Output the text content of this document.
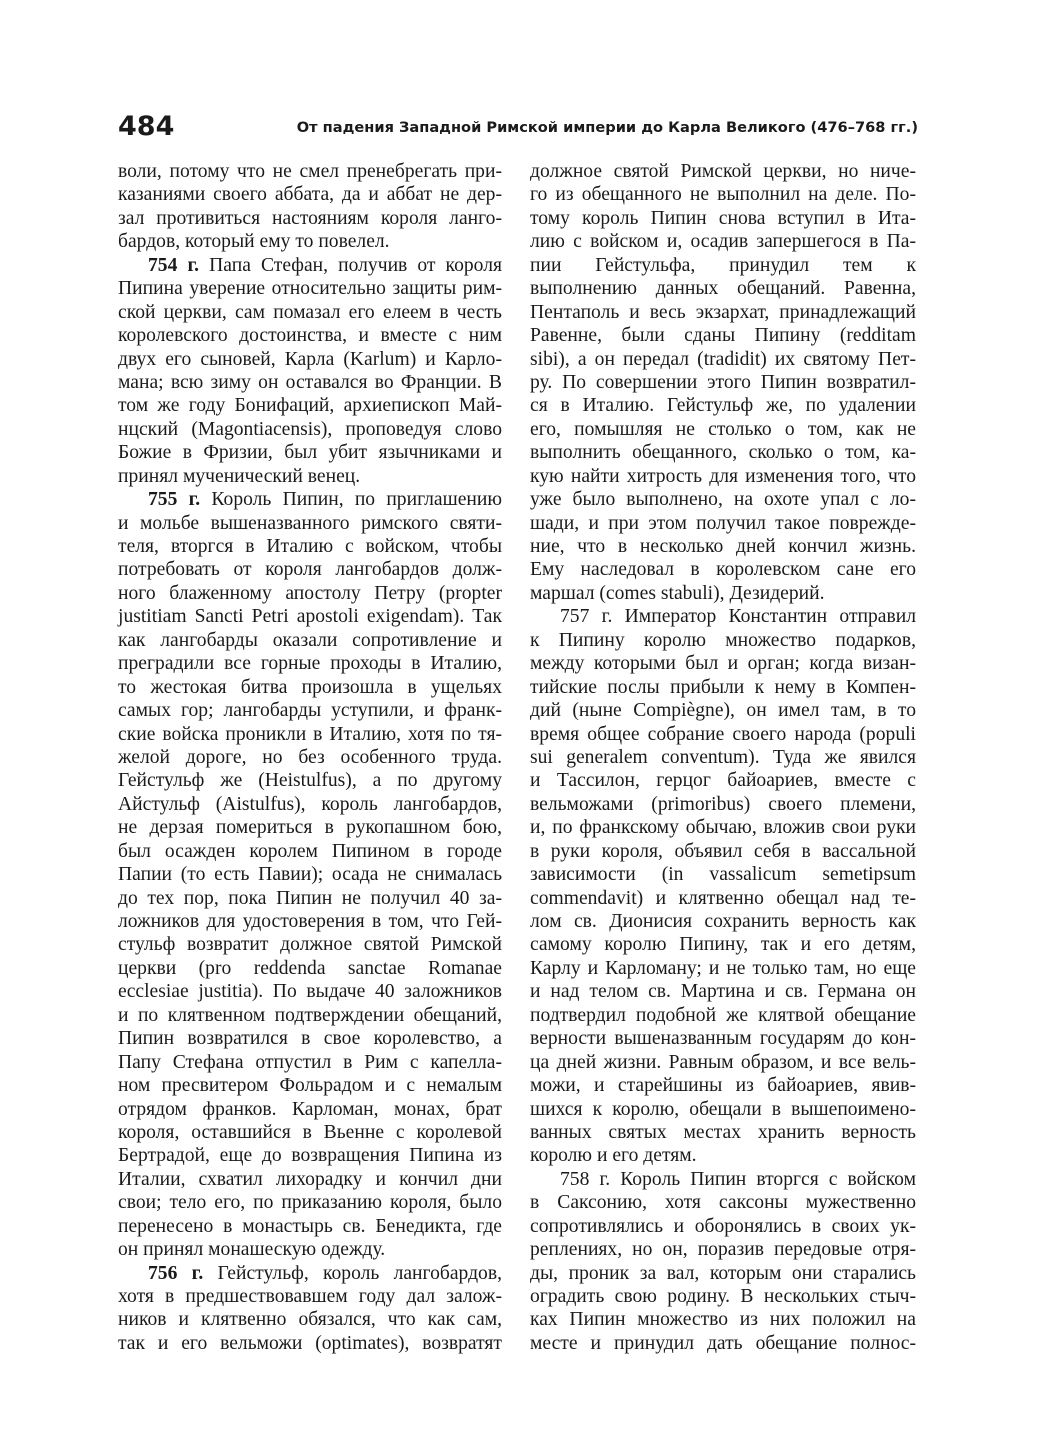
484	От падения Западной Римской империи до Карла Великого (476–768 гг.)
воли, потому что не смел пренебрегать при-
казаниями своего аббата, да и аббат не дер-
зал противиться настояниям короля ланго-
бардов, который ему то повелел.
754 г. Папа Стефан, получив от короля
Пипина уверение относительно защиты рим-
ской церкви, сам помазал его елеем в честь
королевского достоинства, и вместе с ним
двух его сыновей, Карла (Karlum) и Карло-
мана; всю зиму он оставался во Франции. В
том же году Бонифаций, архиепископ Май-
нцский (Magontiacensis), проповедуя слово
Божие в Фризии, был убит язычниками и
принял мученический венец.
755 г. Король Пипин, по приглашению
и мольбе вышеназванного римского святи-
теля, вторгся в Италию с войском, чтобы
потребовать от короля лангобардов долж-
ного блаженному апостолу Петру (propter
justitiam Sancti Petri apostoli exigendam). Так
как лангобарды оказали сопротивление и
преградили все горные проходы в Италию,
то жестокая битва произошла в ущельях
самых гор; лангобарды уступили, и франк-
ские войска проникли в Италию, хотя по тя-
желой дороге, но без особенного труда.
Гейстульф же (Heistulfus), а по другому
Айстульф (Aistulfus), король лангобардов,
не дерзая помериться в рукопашном бою,
был осажден королем Пипином в городе
Папии (то есть Павии); осада не снималась
до тех пор, пока Пипин не получил 40 за-
ложников для удостоверения в том, что Гей-
стульф возвратит должное святой Римской
церкви (pro reddenda sanctae Romanae
ecclesiae justitia). По выдаче 40 заложников
и по клятвенном подтверждении обещаний,
Пипин возвратился в свое королевство, а
Папу Стефана отпустил в Рим с капелла-
ном пресвитером Фольрадом и с немалым
отрядом франков. Карломан, монах, брат
короля, оставшийся в Вьенне с королевой
Бертрадой, еще до возвращения Пипина из
Италии, схватил лихорадку и кончил дни
свои; тело его, по приказанию короля, было
перенесено в монастырь св. Бенедикта, где
он принял монашескую одежду.
756 г. Гейстульф, король лангобардов,
хотя в предшествовавшем году дал залож-
ников и клятвенно обязался, что как сам,
так и его вельможи (optimates), возвратят
должное святой Римской церкви, но ниче-
го из обещанного не выполнил на деле. По-
тому король Пипин снова вступил в Ита-
лию с войском и, осадив запершегося в Па-
пии Гейстульфа, принудил тем к
выполнению данных обещаний. Равенна,
Пентаполь и весь экзархат, принадлежащий
Равенне, были сданы Пипину (redditam
sibi), а он передал (tradidit) их святому Пет-
ру. По совершении этого Пипин возвратил-
ся в Италию. Гейстульф же, по удалении
его, помышляя не столько о том, как не
выполнить обещанного, сколько о том, ка-
кую найти хитрость для изменения того, что
уже было выполнено, на охоте упал с ло-
шади, и при этом получил такое поврежде-
ние, что в несколько дней кончил жизнь.
Ему наследовал в королевском сане его
маршал (comes stabuli), Дезидерий.
757 г. Император Константин отправил
к Пипину королю множество подарков,
между которыми был и орган; когда визан-
тийские послы прибыли к нему в Компен-
дий (ныне Compiègne), он имел там, в то
время общее собрание своего народа (populi
sui generalem conventum). Туда же явился
и Тассилон, герцог байоариев, вместе с
вельможами (primoribus) своего племени,
и, по франкскому обычаю, вложив свои руки
в руки короля, объявил себя в вассальной
зависимости (in vassalicum semetipsum
commendavit) и клятвенно обещал над те-
лом св. Дионисия сохранить верность как
самому королю Пипину, так и его детям,
Карлу и Карломану; и не только там, но еще
и над телом св. Мартина и св. Германа он
подтвердил подобной же клятвой обещание
верности вышеназванным государям до кон-
ца дней жизни. Равным образом, и все вель-
можи, и старейшины из байоариев, явив-
шихся к королю, обещали в вышепоимено-
ванных святых местах хранить верность
королю и его детям.
758 г. Король Пипин вторгся с войском
в Саксонию, хотя саксоны мужественно
сопротивлялись и оборонялись в своих ук-
реплениях, но он, поразив передовые отря-
ды, проник за вал, которым они старались
оградить свою родину. В нескольких стыч-
ках Пипин множество из них положил на
месте и принудил дать обещание полнос-
